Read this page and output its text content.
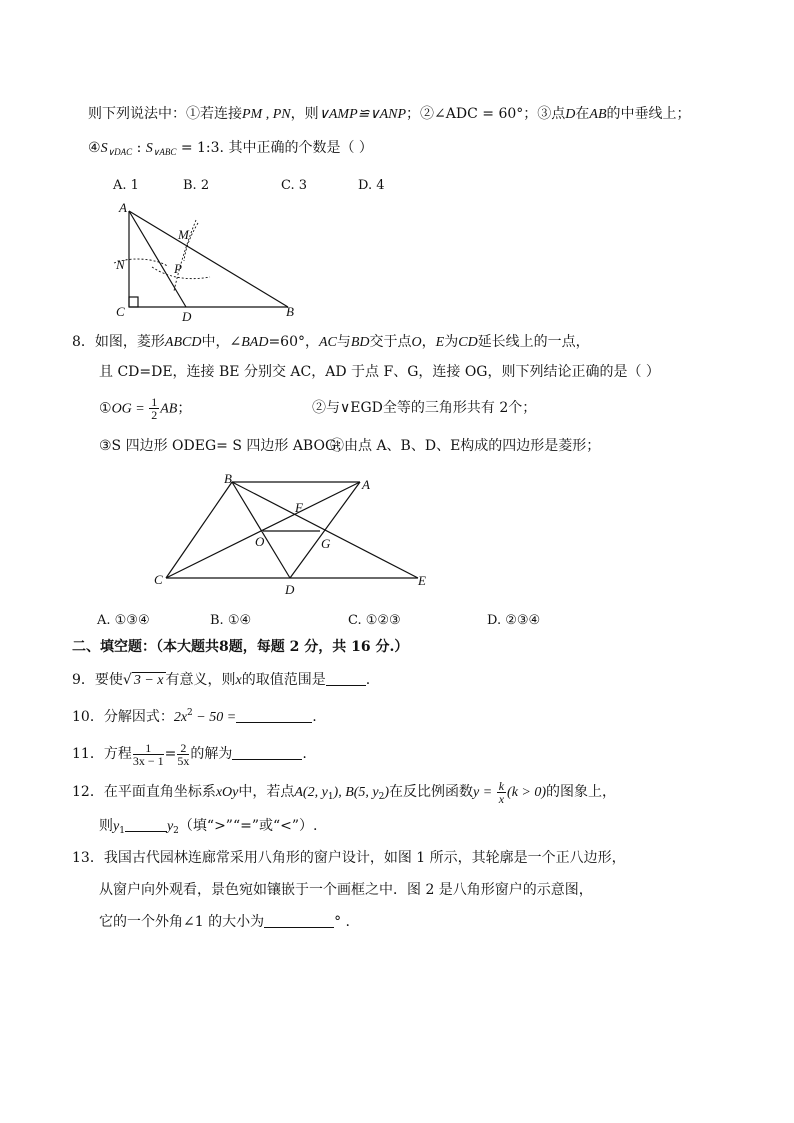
则下列说法中：①若连接PM , PN，则∨AMP≌∨ANP；②∠ADC = 60°；③点D在AB的中垂线上；
$④S_{\vee DAC}$ : $S_{\vee ABC}$ = 1:3. 其中正确的个数是（ ）
A. 1	B. 2	C. 3	D. 4
A
M
N	P
C	D	B
8．如图，菱形ABCD中，∠BAD=60°，AC与BD交于点O，E为CD延长线上的一点，
且 CD=DE，连接 BE 分别交 AC，AD 于点 F、G，连接 OG，则下列结论正确的是（ ）
①OG = $\frac{1}{2}$ AB；	②与∨EGD全等的三角形共有 2个；
③S 四边形 ODEG= S 四边形 ABOG；
④由点 A、B、D、E构成的四边形是菱形；
B	A
F
O	G
C
D
E
A. ①③④	B. ①④	C. ①②③	D. ②③④
二、填空题：（本大题共8题，每题 2 分，共 16 分.）
9．要使√ 3 − x 有意义，则x的取值范围是	.
10．分解因式：$2x^2 - 50$ =	.
11．方程 $\frac{1}{3x - 1} = \frac{2}{5x}$ 的解为	.
12．在平面直角坐标系xOy中，若点A(2, $y_1$), B(5, $y_2$)在反比例函数$y = \frac{k}{x} (k > 0)$的图象上，
则$y_1$	$y_2$（填“>”“=”或“<”）.
13．我国古代园林连廊常采用八角形的窗户设计，如图 1 所示，其轮廓是一个正八边形，
从窗户向外观看，景色宛如镶嵌于一个画框之中．图 2 是八角形窗户的示意图，
它的一个外角∠1 的大小为	° .
